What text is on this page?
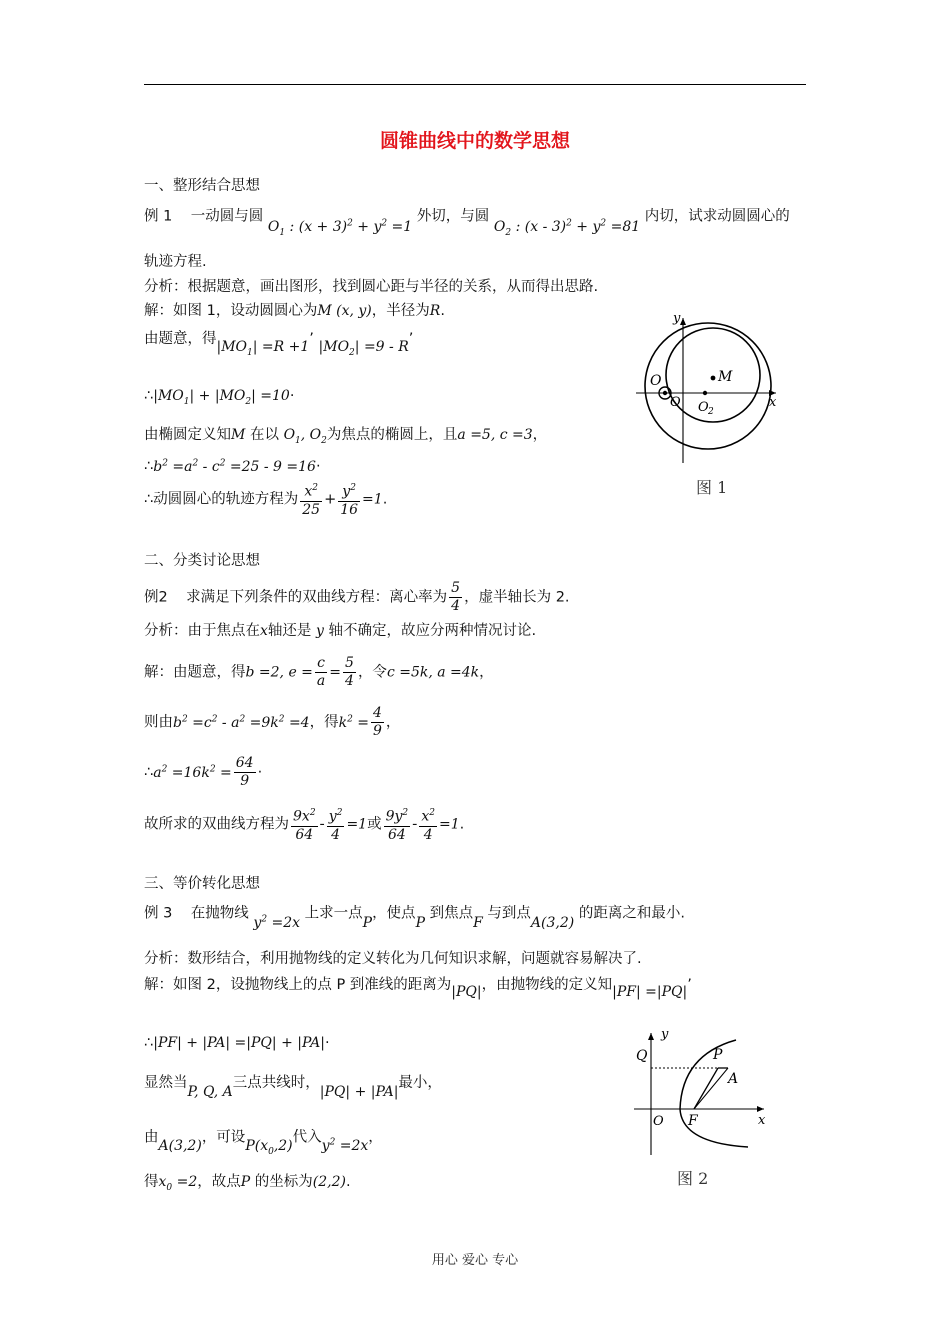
圆锥曲线中的数学思想
一、整形结合思想
例 1 一动圆与圆 $O_1$ : $(x + 3)^2 + y^2 =1$ 外切，与圆 $O_2$ : $(x - 3)^2 + y^2 =81$ 内切，试求动圆圆心的
轨迹方程.
分析：根据题意，画出图形，找到圆心距与半径的关系，从而得出思路.
解：如图 1，设动圆圆心为M (x, y)，半径为R.
由题意，得$|MO_1| =R +1$’ $|MO_2| =9 - R$’
$\therefore|MO_1| + |MO_2| =10\cdot$
由椭圆定义知M 在以 $O_1$, $O_2$为焦点的椭圆上，且a =5, c =3，
$\therefore b^2 =a^2 - c^2 =25 - 9 =16\cdot$
∴动圆圆心的轨迹方程为 $\frac{x^2}{25} + \frac{y^2}{16} =1$.
y
x
O
O O 2
M
图 1
二、分类讨论思想
例2 求满足下列条件的双曲线方程：离心率为 $\frac{5}{4}$ ，虚半轴长为 2.
分析：由于焦点在x轴还是 y 轴不确定，故应分两种情况讨论.
解：由题意，得b =2, $e = \frac{c}{a} = \frac{5}{4}$ ，令c =5k, a =4k，
则由$b^2 =c^2 - a^2 =9k^2 =4$，得$k^2 = \frac{4}{9}$ ，
$\therefore a^2 =16k^2 = \frac{64}{9}$ ·
故所求的双曲线方程为 $\frac{9x^2}{64} - \frac{y^2}{4} =1$或 $\frac{9y^2}{64} - \frac{x^2}{4} =1$.
三、等价转化思想
例 3 在抛物线 $y^2 =2x$ 上求一点P，使点P 到焦点F 与到点A(3,2) 的距离之和最小.
分析：数形结合，利用抛物线的定义转化为几何知识求解，问题就容易解决了.
解：如图 2，设抛物线上的点 P 到准线的距离为|PQ|，由抛物线的定义知|PF| =|PQ|’
∴|PF| + |PA| =|PQ| + |PA|·
显然当P, Q, A三点共线时，|PQ| + |PA|最小，
由A(3,2)，可设$P(x_0,2)$代入$y^2 =2x$，
得$x_0 =2$，故点P 的坐标为(2,2).
y
x
Q	P
A
O F
图 2
用心 爱心 专心
